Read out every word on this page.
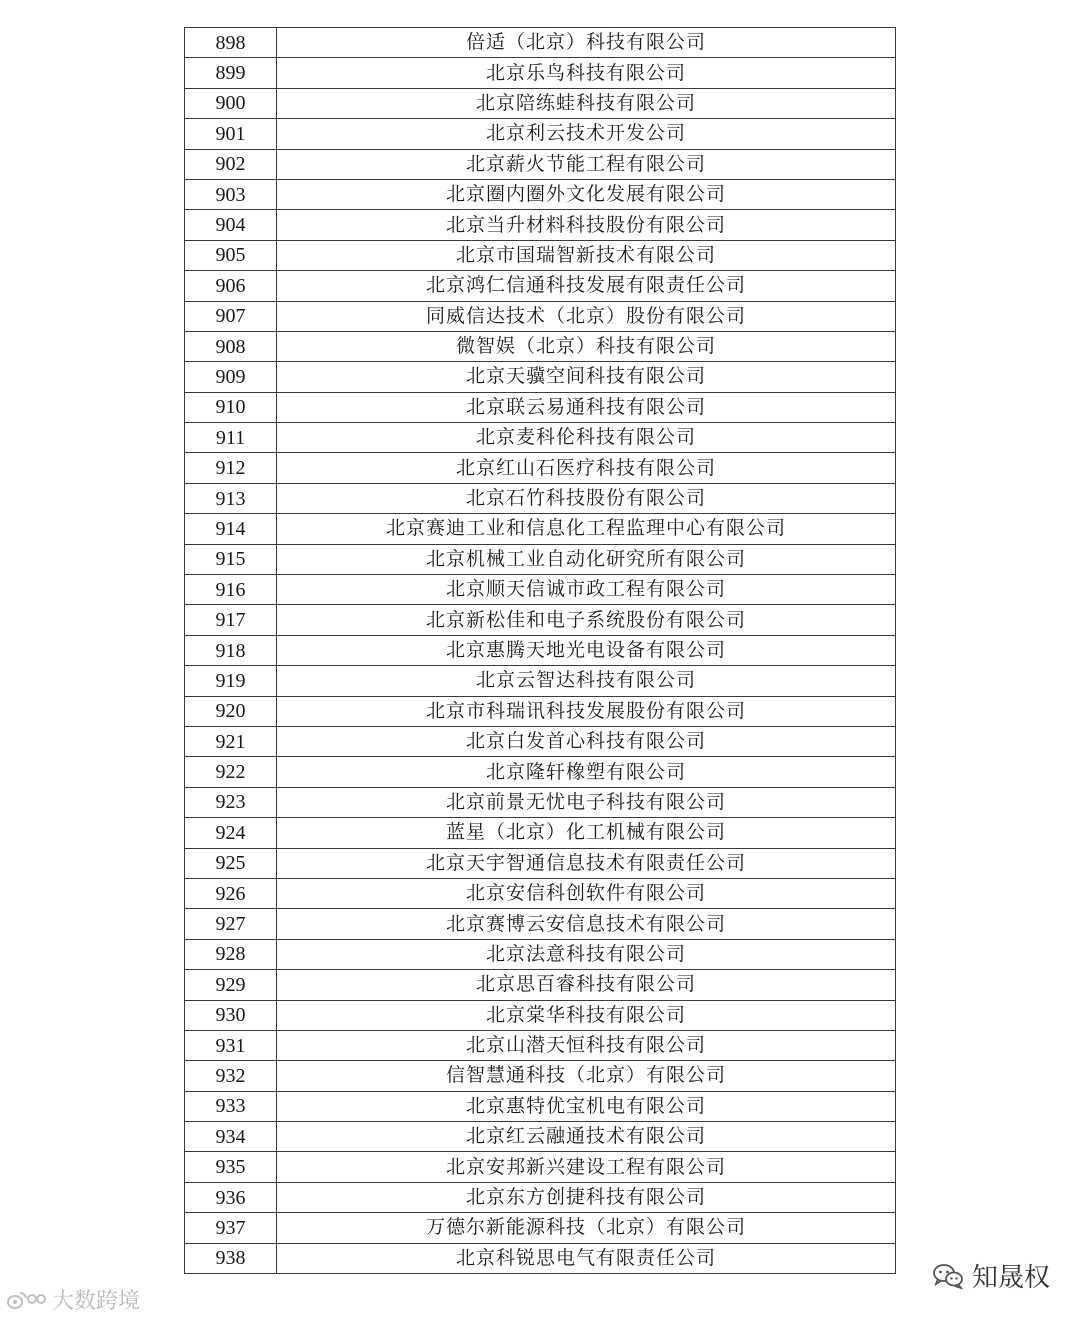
898	倍适（北京）科技有限公司
899	北京乐鸟科技有限公司
900	北京陪练蛙科技有限公司
901	北京利云技术开发公司
902	北京薪火节能工程有限公司
903	北京圈内圈外文化发展有限公司
904	北京当升材料科技股份有限公司
905	北京市国瑞智新技术有限公司
906	北京鸿仁信通科技发展有限责任公司
907	同威信达技术（北京）股份有限公司
908	微智娱（北京）科技有限公司
909	北京天骥空间科技有限公司
910	北京联云易通科技有限公司
911	北京麦科伦科技有限公司
912	北京红山石医疗科技有限公司
913	北京石竹科技股份有限公司
914	北京赛迪工业和信息化工程监理中心有限公司
915	北京机械工业自动化研究所有限公司
916	北京顺天信诚市政工程有限公司
917	北京新松佳和电子系统股份有限公司
918	北京惠腾天地光电设备有限公司
919	北京云智达科技有限公司
920	北京市科瑞讯科技发展股份有限公司
921	北京白发首心科技有限公司
922	北京隆轩橡塑有限公司
923	北京前景无忧电子科技有限公司
924	蓝星（北京）化工机械有限公司
925	北京天宇智通信息技术有限责任公司
926	北京安信科创软件有限公司
927	北京赛博云安信息技术有限公司
928	北京法意科技有限公司
929	北京思百睿科技有限公司
930	北京棠华科技有限公司
931	北京山潜天恒科技有限公司
932	信智慧通科技（北京）有限公司
933	北京惠特优宝机电有限公司
934	北京红云融通技术有限公司
935	北京安邦新兴建设工程有限公司
936	北京东方创捷科技有限公司
937	万德尔新能源科技（北京）有限公司
938	北京科锐思电气有限责任公司
大数跨境
知晟权
